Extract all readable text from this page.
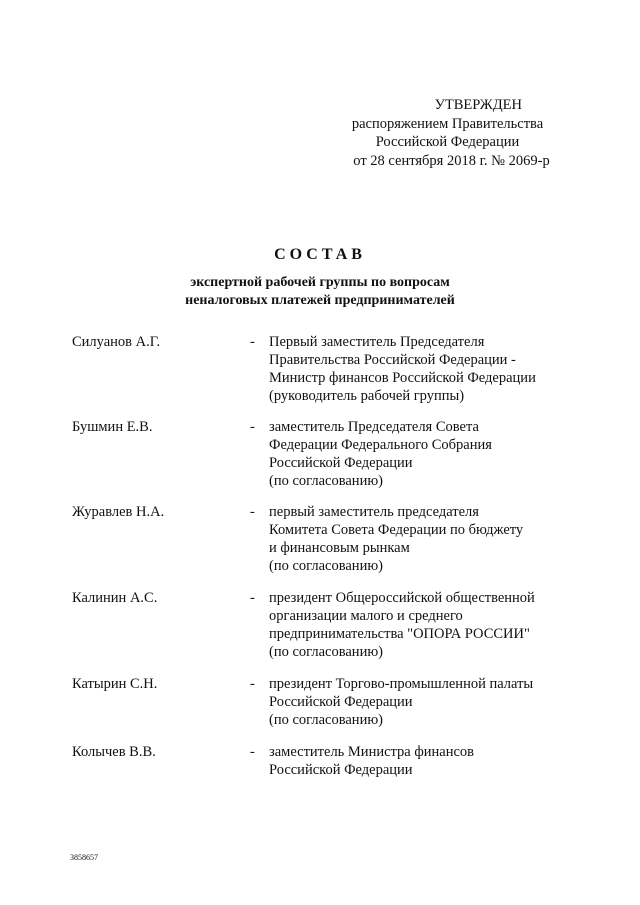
УТВЕРЖДЕН
распоряжением Правительства
Российской Федерации
от 28 сентября 2018 г. № 2069-р
СОСТАВ
экспертной рабочей группы по вопросам
неналоговых платежей предпринимателей
Силуанов А.Г.	- Первый заместитель Председателя
Правительства Российской Федерации -
Министр финансов Российской Федерации
(руководитель рабочей группы)
Бушмин Е.В.	- заместитель Председателя Совета
Федерации Федерального Собрания
Российской Федерации
(по согласованию)
Журавлев Н.А.	- первый заместитель председателя
Комитета Совета Федерации по бюджету
и финансовым рынкам
(по согласованию)
Калинин А.С.	- президент Общероссийской общественной
организации малого и среднего
предпринимательства "ОПОРА РОССИИ"
(по согласованию)
Катырин С.Н.	- президент Торгово-промышленной палаты
Российской Федерации
(по согласованию)
Колычев В.В.	- заместитель Министра финансов
Российской Федерации
3858657
